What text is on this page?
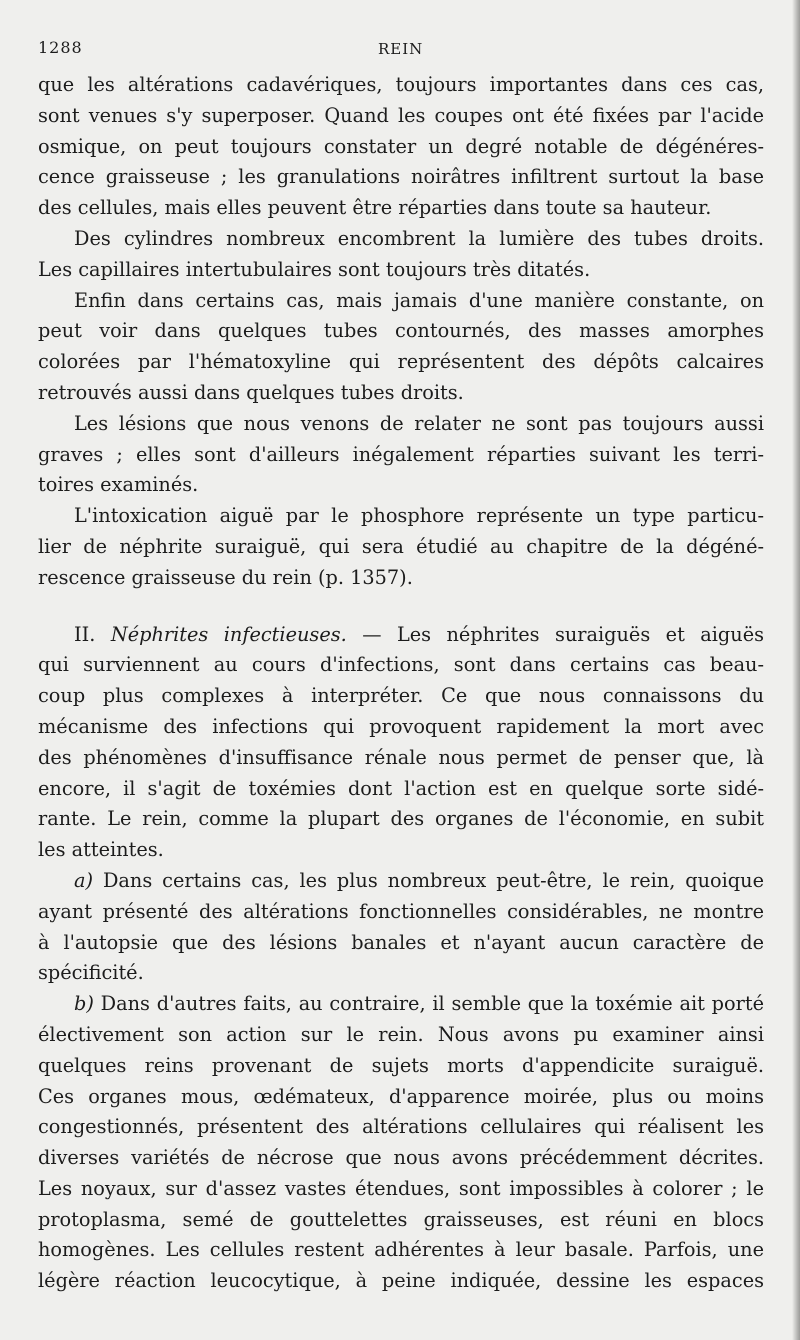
1288	REIN
que les altérations cadavériques, toujours importantes dans ces cas,
sont venues s'y superposer. Quand les coupes ont été fixées par l'acide
osmique, on peut toujours constater un degré notable de dégénéres-
cence graisseuse ; les granulations noirâtres infiltrent surtout la base
des cellules, mais elles peuvent être réparties dans toute sa hauteur.
Des cylindres nombreux encombrent la lumière des tubes droits.
Les capillaires intertubulaires sont toujours très ditatés.
Enfin dans certains cas, mais jamais d'une manière constante, on
peut voir dans quelques tubes contournés, des masses amorphes
colorées par l'hématoxyline qui représentent des dépôts calcaires
retrouvés aussi dans quelques tubes droits.
Les lésions que nous venons de relater ne sont pas toujours aussi
graves ; elles sont d'ailleurs inégalement réparties suivant les terri-
toires examinés.
L'intoxication aiguë par le phosphore représente un type particu-
lier de néphrite suraiguë, qui sera étudié au chapitre de la dégéné-
rescence graisseuse du rein (p. 1357).
II. Néphrites infectieuses. — Les néphrites suraiguës et aiguës
qui surviennent au cours d'infections, sont dans certains cas beau-
coup plus complexes à interpréter. Ce que nous connaissons du
mécanisme des infections qui provoquent rapidement la mort avec
des phénomènes d'insuffisance rénale nous permet de penser que, là
encore, il s'agit de toxémies dont l'action est en quelque sorte sidé-
rante. Le rein, comme la plupart des organes de l'économie, en subit
les atteintes.
a) Dans certains cas, les plus nombreux peut-être, le rein, quoique
ayant présenté des altérations fonctionnelles considérables, ne montre
à l'autopsie que des lésions banales et n'ayant aucun caractère de
spécificité.
b) Dans d'autres faits, au contraire, il semble que la toxémie ait porté
électivement son action sur le rein. Nous avons pu examiner ainsi
quelques reins provenant de sujets morts d'appendicite suraiguë.
Ces organes mous, œdémateux, d'apparence moirée, plus ou moins
congestionnés, présentent des altérations cellulaires qui réalisent les
diverses variétés de nécrose que nous avons précédemment décrites.
Les noyaux, sur d'assez vastes étendues, sont impossibles à colorer ; le
protoplasma, semé de gouttelettes graisseuses, est réuni en blocs
homogènes. Les cellules restent adhérentes à leur basale. Parfois, une
légère réaction leucocytique, à peine indiquée, dessine les espaces
